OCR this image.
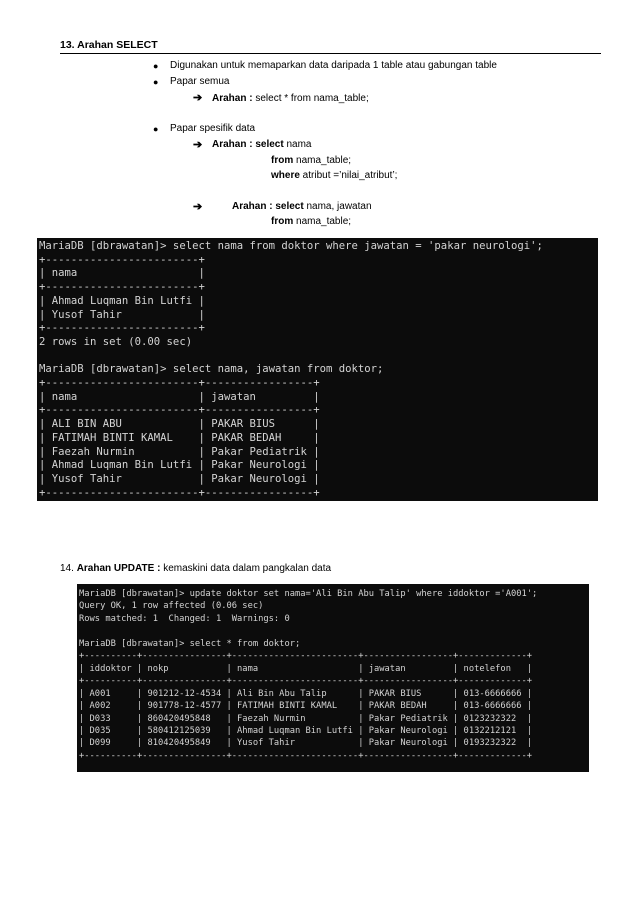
13. Arahan SELECT
● Digunakan untuk memaparkan data daripada 1 table atau gabungan table
● Papar semua
➔ Arahan : select * from nama_table;
● Papar spesifik data
➔ Arahan : select nama
from nama_table;
where atribut =’nilai_atribut’;
➔	Arahan : select nama, jawatan
from nama_table;
MariaDB [dbrawatan]> select nama from doktor where jawatan = 'pakar neurologi';
+------------------------+
| nama                   |
+------------------------+
| Ahmad Luqman Bin Lutfi |
| Yusof Tahir            |
+------------------------+
2 rows in set (0.00 sec)

MariaDB [dbrawatan]> select nama, jawatan from doktor;
+------------------------+-----------------+
| nama                   | jawatan         |
+------------------------+-----------------+
| ALI BIN ABU            | PAKAR BIUS      |
| FATIMAH BINTI KAMAL    | PAKAR BEDAH     |
| Faezah Nurmin          | Pakar Pediatrik |
| Ahmad Luqman Bin Lutfi | Pakar Neurologi |
| Yusof Tahir            | Pakar Neurologi |
+------------------------+-----------------+
14. Arahan UPDATE : kemaskini data dalam pangkalan data
MariaDB [dbrawatan]> update doktor set nama='Ali Bin Abu Talip' where iddoktor ='A001';
Query OK, 1 row affected (0.06 sec)
Rows matched: 1  Changed: 1  Warnings: 0

MariaDB [dbrawatan]> select * from doktor;
+----------+----------------+------------------------+-----------------+-------------+
| iddoktor | nokp           | nama                   | jawatan         | notelefon   |
+----------+----------------+------------------------+-----------------+-------------+
| A001     | 901212-12-4534 | Ali Bin Abu Talip      | PAKAR BIUS      | 013-6666666 |
| A002     | 901778-12-4577 | FATIMAH BINTI KAMAL    | PAKAR BEDAH     | 013-6666666 |
| D033     | 860420495848   | Faezah Nurmin          | Pakar Pediatrik | 0123232322  |
| D035     | 580412125039   | Ahmad Luqman Bin Lutfi | Pakar Neurologi | 0132212121  |
| D099     | 810420495849   | Yusof Tahir            | Pakar Neurologi | 0193232322  |
+----------+----------------+------------------------+-----------------+-------------+
